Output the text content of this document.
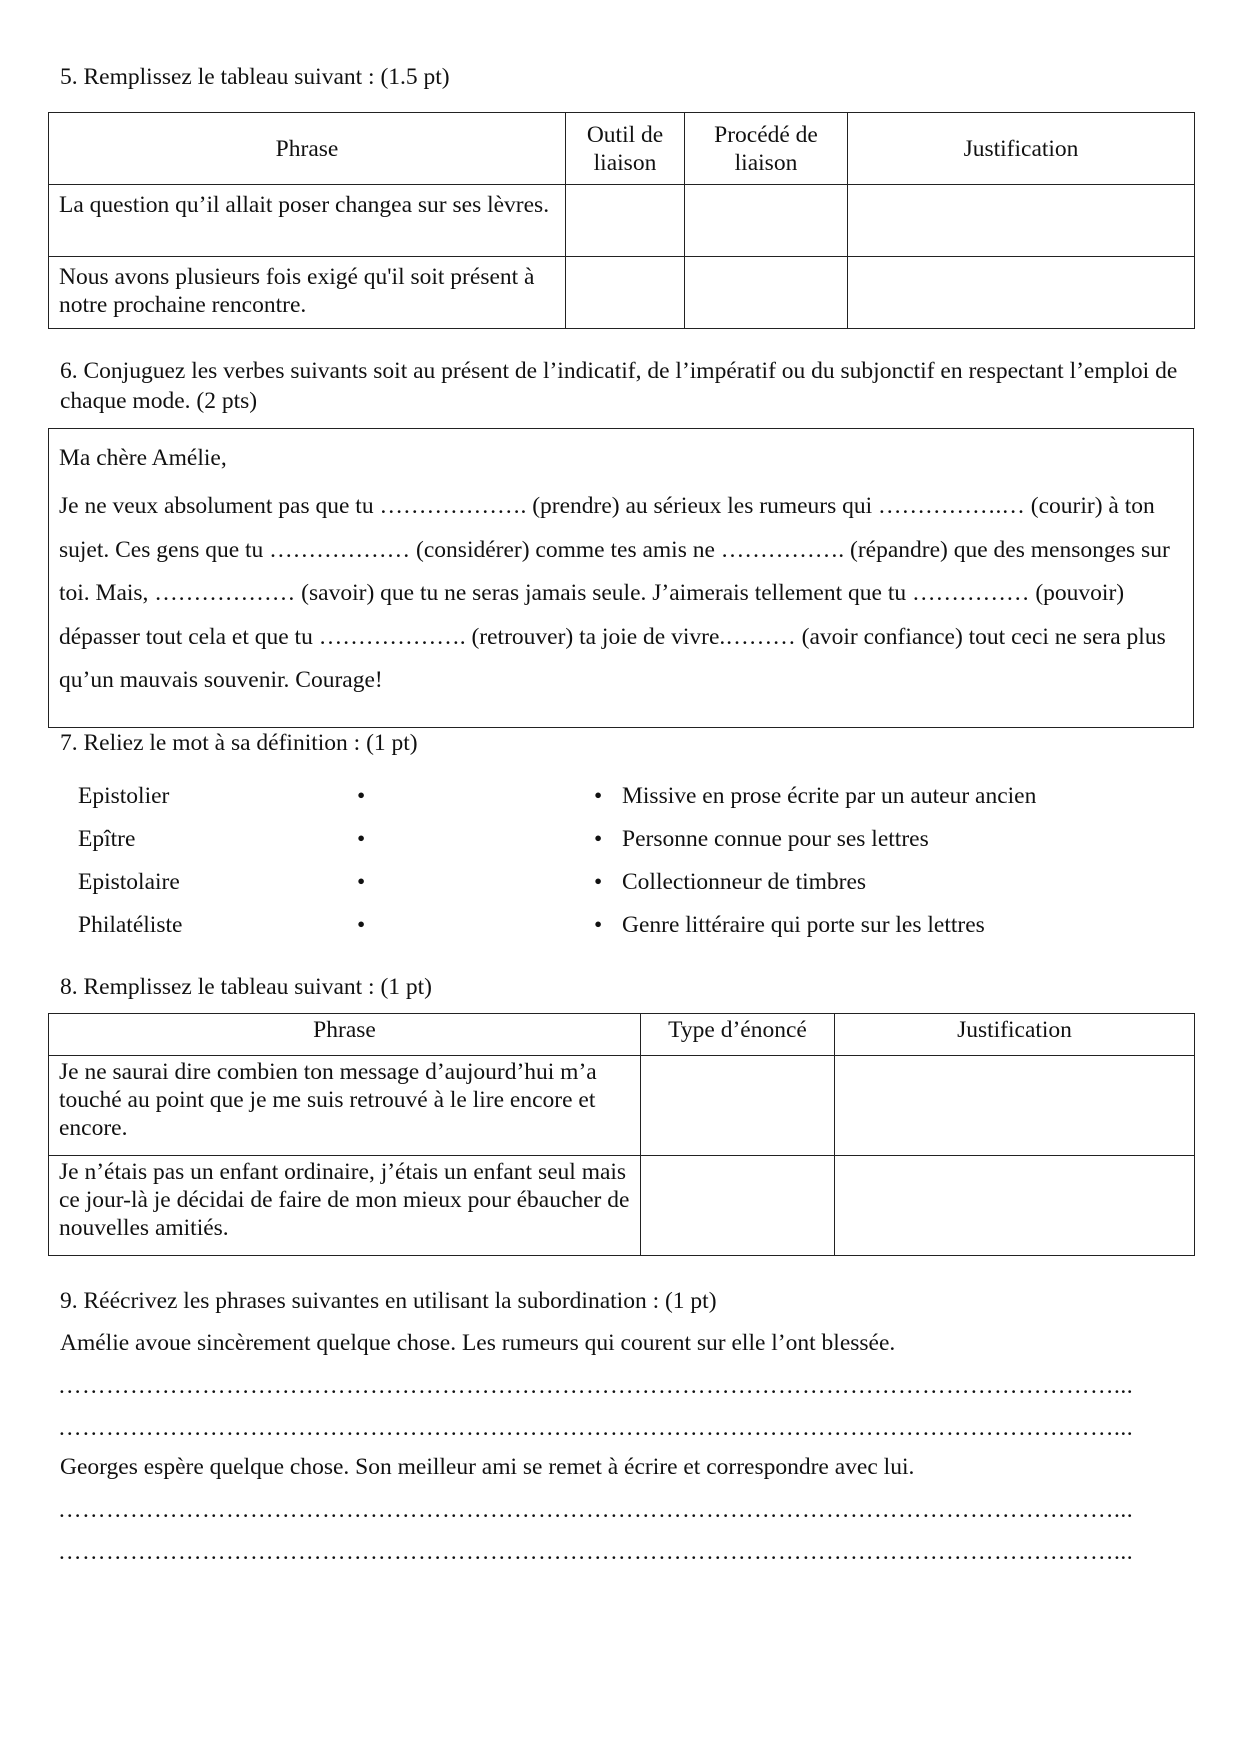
5. Remplissez le tableau suivant : (1.5 pt)
Phrase	Outil de liaison	Procédé de liaison	Justification
La question qu’il allait poser changea sur ses lèvres.			
Nous avons plusieurs fois exigé qu'il soit présent à notre prochaine rencontre.			
6. Conjuguez les verbes suivants soit au présent de l’indicatif, de l’impératif ou du subjonctif en respectant l’emploi de chaque mode. (2 pts)
Ma chère Amélie,
Je ne veux absolument pas que tu ………………. (prendre) au sérieux les rumeurs qui …………….… (courir) à ton sujet. Ces gens que tu ……………… (considérer) comme tes amis ne ……………. (répandre) que des mensonges sur toi. Mais, ……………… (savoir) que tu ne seras jamais seule. J’aimerais tellement que tu …………… (pouvoir) dépasser tout cela et que tu ………………. (retrouver) ta joie de vivre.……… (avoir confiance) tout ceci ne sera plus qu’un mauvais souvenir. Courage!
7. Reliez le mot à sa définition : (1 pt)
Epistolier	•	• Missive en prose écrite par un auteur ancien
Epître	•	• Personne connue pour ses lettres
Epistolaire	•	• Collectionneur de timbres
Philatéliste	•	• Genre littéraire qui porte sur les lettres
8. Remplissez le tableau suivant : (1 pt)
Phrase	Type d’énoncé	Justification
Je ne saurai dire combien ton message d’aujourd’hui m’a touché au point que je me suis retrouvé à le lire encore et encore.		
Je n’étais pas un enfant ordinaire, j’étais un enfant seul mais ce jour-là je décidai de faire de mon mieux pour ébaucher de nouvelles amitiés.		
9. Réécrivez les phrases suivantes en utilisant la subordination : (1 pt)
Amélie avoue sincèrement quelque chose. Les rumeurs qui courent sur elle l’ont blessée.
……………………………………………………………………………………………………………………...
……………………………………………………………………………………………………………………...
Georges espère quelque chose. Son meilleur ami se remet à écrire et correspondre avec lui.
……………………………………………………………………………………………………………………...
……………………………………………………………………………………………………………………...
